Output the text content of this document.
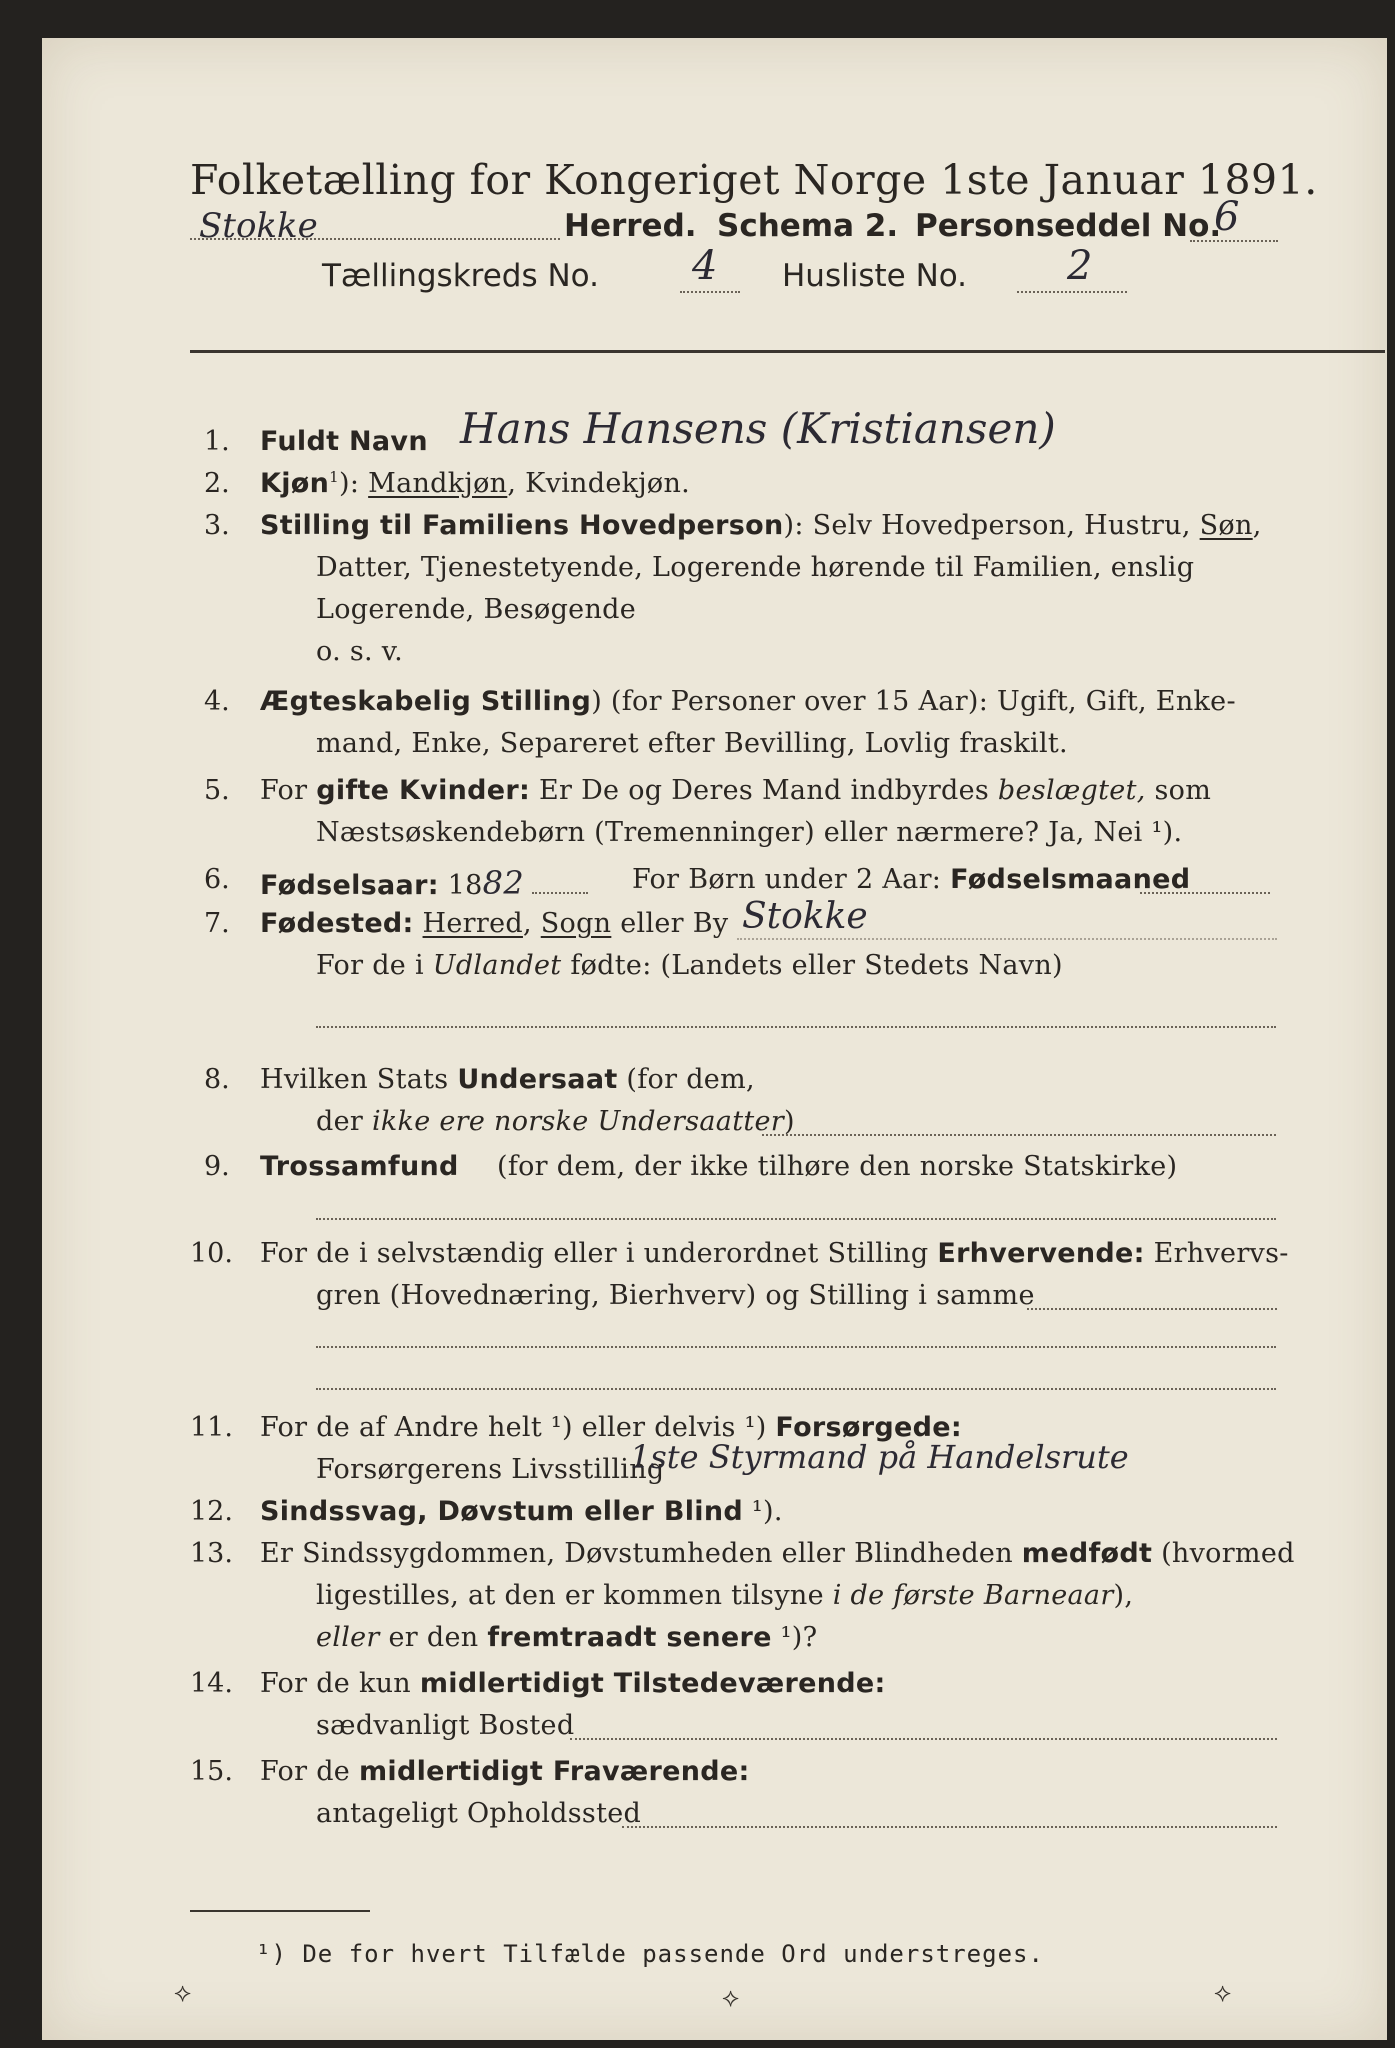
Folketælling for Kongeriget Norge 1ste Januar 1891.
Stokke	Herred. Schema 2. Personseddel No.
6
Tællingskreds No. 4 Husliste No. 2
1. Fuldt Navn Hans Hansens (Kristiansen)
2. Kjøn$^1$): Mandkjøn, Kvindekjøn.
3. Stilling til Familiens Hovedperson): Selv Hovedperson, Hustru, Søn,
Datter, Tjenestetyende, Logerende hørende til Familien, enslig
Logerende, Besøgende
o. s. v.
4. Ægteskabelig Stilling) (for Personer over 15 Aar): Ugift, Gift, Enke-
mand, Enke, Separeret efter Bevilling, Lovlig fraskilt.
5. For gifte Kvinder: Er De og Deres Mand indbyrdes beslægtet, som
Næstsøskendebørn (Tremenninger) eller nærmere? Ja, Nei ¹).
6. Fødselsaar: 1882	For Børn under 2 Aar: Fødselsmaaned
7. Fødested: Herred, Sogn eller By Stokke
For de i Udlandet fødte: (Landets eller Stedets Navn)
8. Hvilken Stats Undersaat (for dem,
der ikke ere norske Undersaatter)
9. Trossamfund (for dem, der ikke tilhøre den norske Statskirke)
10. For de i selvstændig eller i underordnet Stilling Erhvervende: Erhvervs-
gren (Hovednæring, Bierhverv) og Stilling i samme
11. For de af Andre helt ¹) eller delvis ¹) Forsørgede:
Forsørgerens Livsstilling
1ste Styrmand på Handelsrute
12. Sindssvag, Døvstum eller Blind ¹).
13. Er Sindssygdommen, Døvstumheden eller Blindheden medfødt (hvormed
ligestilles, at den er kommen tilsyne i de første Barneaar),
eller er den fremtraadt senere ¹)?
14. For de kun midlertidigt Tilstedeværende:
sædvanligt Bosted
15. For de midlertidigt Fraværende:
antageligt Opholdssted
¹) De for hvert Tilfælde passende Ord understreges.
⟡	⟡	⟡
